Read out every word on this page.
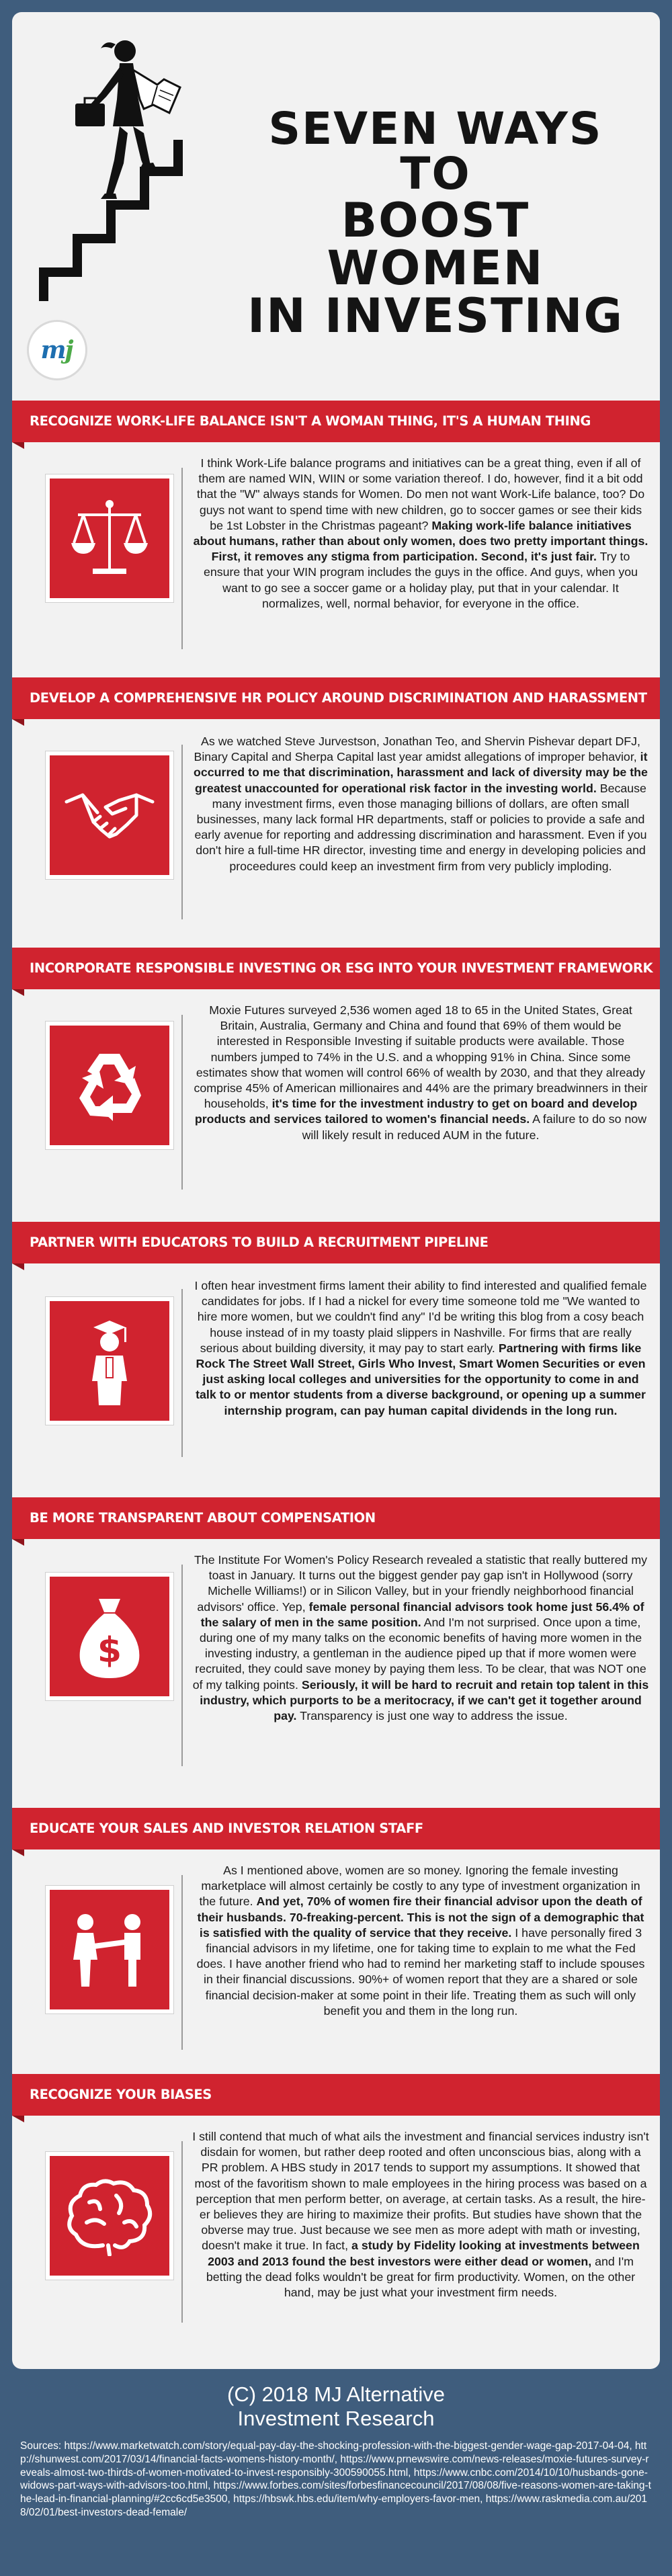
SEVEN WAYS TO
BOOST WOMEN
IN INVESTING
m
j
RECOGNIZE WORK-LIFE BALANCE ISN'T A WOMAN THING, IT'S A HUMAN THING
I think Work-Life balance programs and initiatives can be a great thing, even if all of them are named WIN, WIIN or some variation thereof. I do, however, find it a bit odd that the "W" always stands for Women. Do men not want Work-Life balance, too? Do guys not want to spend time with new children, go to soccer games or see their kids be 1st Lobster in the Christmas pageant? Making work-life balance initiatives about humans, rather than about only women, does two pretty important things. First, it removes any stigma from participation. Second, it's just fair. Try to ensure that your WIN program includes the guys in the office. And guys, when you want to go see a soccer game or a holiday play, put that in your calendar. It normalizes, well, normal behavior, for everyone in the office.
DEVELOP A COMPREHENSIVE HR POLICY AROUND DISCRIMINATION AND HARASSMENT
As we watched Steve Jurvestson, Jonathan Teo, and Shervin Pishevar depart DFJ, Binary Capital and Sherpa Capital last year amidst allegations of improper behavior, it occurred to me that discrimination, harassment and lack of diversity may be the greatest unaccounted for operational risk factor in the investing world. Because many investment firms, even those managing billions of dollars, are often small businesses, many lack formal HR departments, staff or policies to provide a safe and early avenue for reporting and addressing discrimination and harassment. Even if you don't hire a full-time HR director, investing time and energy in developing policies and proceedures could keep an investment firm from very publicly imploding.
INCORPORATE RESPONSIBLE INVESTING OR ESG INTO YOUR INVESTMENT FRAMEWORK
Moxie Futures surveyed 2,536 women aged 18 to 65 in the United States, Great Britain, Australia, Germany and China and found that 69% of them would be interested in Responsible Investing if suitable products were available. Those numbers jumped to 74% in the U.S. and a whopping 91% in China. Since some estimates show that women will control 66% of wealth by 2030, and that they already comprise 45% of American millionaires and 44% are the primary breadwinners in their households, it's time for the investment industry to get on board and develop products and services tailored to women's financial needs. A failure to do so now will likely result in reduced AUM in the future.
PARTNER WITH EDUCATORS TO BUILD A RECRUITMENT PIPELINE
I often hear investment firms lament their ability to find interested and qualified female candidates for jobs. If I had a nickel for every time someone told me "We wanted to hire more women, but we couldn't find any" I'd be writing this blog from a cosy beach house instead of in my toasty plaid slippers in Nashville. For firms that are really serious about building diversity, it may pay to start early. Partnering with firms like Rock The Street Wall Street, Girls Who Invest, Smart Women Securities or even just asking local colleges and universities for the opportunity to come in and talk to or mentor students from a diverse background, or opening up a summer internship program, can pay human capital dividends in the long run.
BE MORE TRANSPARENT ABOUT COMPENSATION
$
The Institute For Women's Policy Research revealed a statistic that really buttered my toast in January. It turns out the biggest gender pay gap isn't in Hollywood (sorry Michelle Williams!) or in Silicon Valley, but in your friendly neighborhood financial advisors' office. Yep, female personal financial advisors took home just 56.4% of the salary of men in the same position. And I'm not surprised. Once upon a time, during one of my many talks on the economic benefits of having more women in the investing industry, a gentleman in the audience piped up that if more women were recruited, they could save money by paying them less. To be clear, that was NOT one of my talking points. Seriously, it will be hard to recruit and retain top talent in this industry, which purports to be a meritocracy, if we can't get it together around pay. Transparency is just one way to address the issue.
EDUCATE YOUR SALES AND INVESTOR RELATION STAFF
As I mentioned above, women are so money. Ignoring the female investing marketplace will almost certainly be costly to any type of investment organization in the future. And yet, 70% of women fire their financial advisor upon the death of their husbands. 70-freaking-percent. This is not the sign of a demographic that is satisfied with the quality of service that they receive. I have personally fired 3 financial advisors in my lifetime, one for taking time to explain to me what the Fed does. I have another friend who had to remind her marketing staff to include spouses in their financial discussions. 90%+ of women report that they are a shared or sole financial decision-maker at some point in their life. Treating them as such will only benefit you and them in the long run.
RECOGNIZE YOUR BIASES
I still contend that much of what ails the investment and financial services industry isn't disdain for women, but rather deep rooted and often unconscious bias, along with a PR problem. A HBS study in 2017 tends to support my assumptions. It showed that most of the favoritism shown to male employees in the hiring process was based on a perception that men perform better, on average, at certain tasks. As a result, the hire-er believes they are hiring to maximize their profits. But studies have shown that the obverse may true. Just because we see men as more adept with math or investing, doesn't make it true. In fact, a study by Fidelity looking at investments between 2003 and 2013 found the best investors were either dead or women, and I'm betting the dead folks wouldn't be great for firm productivity. Women, on the other hand, may be just what your investment firm needs.
(C) 2018 MJ Alternative
Investment Research
Sources: https://www.marketwatch.com/story/equal-pay-day-the-shocking-profession-with-the-biggest-gender-wage-gap-2017-04-04, http://shunwest.com/2017/03/14/financial-facts-womens-history-month/, https://www.prnewswire.com/news-releases/moxie-futures-survey-reveals-almost-two-thirds-of-women-motivated-to-invest-responsibly-300590055.html, https://www.cnbc.com/2014/10/10/husbands-gone-widows-part-ways-with-advisors-too.html, https://www.forbes.com/sites/forbesfinancecouncil/2017/08/08/five-reasons-women-are-taking-the-lead-in-financial-planning/#2cc6cd5e3500, https://hbswk.hbs.edu/item/why-employers-favor-men, https://www.raskmedia.com.au/2018/02/01/best-investors-dead-female/
